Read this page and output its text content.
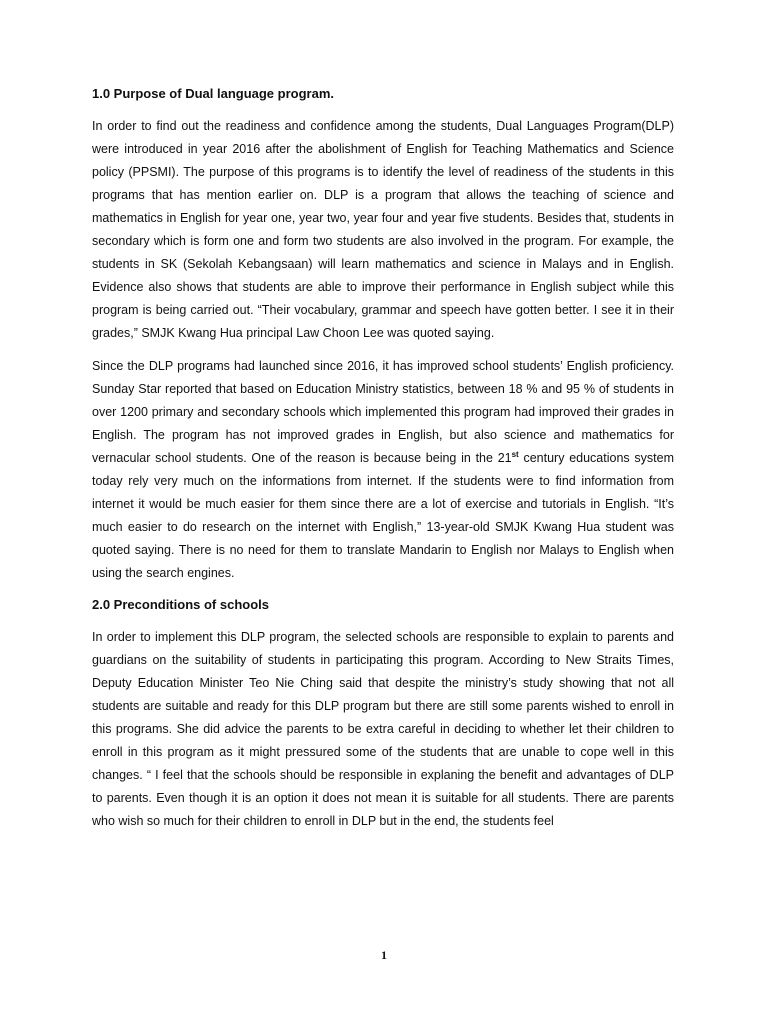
1.0 Purpose of Dual language program.

In order to find out the readiness and confidence among the students, Dual Languages Program(DLP) were introduced in year 2016 after the abolishment of English for Teaching Mathematics and Science policy (PPSMI). The purpose of this programs is to identify the level of readiness of the students in this programs that has mention earlier on. DLP is a program that allows the teaching of science and mathematics in English for year one, year two, year four and year five students. Besides that, students in secondary which is form one and form two students are also involved in the program. For example, the students in SK (Sekolah Kebangsaan) will learn mathematics and science in Malays and in English. Evidence also shows that students are able to improve their performance in English subject while this program is being carried out. “Their vocabulary, grammar and speech have gotten better. I see it in their grades,” SMJK Kwang Hua principal Law Choon Lee was quoted saying.

Since the DLP programs had launched since 2016, it has improved school students’ English proficiency. Sunday Star reported that based on Education Ministry statistics, between 18 % and 95 % of students in over 1200 primary and secondary schools which implemented this program had improved their grades in English. The program has not improved grades in English, but also science and mathematics for vernacular school students. One of the reason is because being in the 21st century educations system today rely very much on the informations from internet. If the students were to find information from internet it would be much easier for them since there are a lot of exercise and tutorials in English. “It’s much easier to do research on the internet with English,” 13-year-old SMJK Kwang Hua student was quoted saying. There is no need for them to translate Mandarin to English nor Malays to English when using the search engines.

2.0 Preconditions of schools

In order to implement this DLP program, the selected schools are responsible to explain to parents and guardians on the suitability of students in participating this program. According to New Straits Times, Deputy Education Minister Teo Nie Ching said that despite the ministry’s study showing that not all students are suitable and ready for this DLP program but there are still some parents wished to enroll in this programs. She did advice the parents to be extra careful in deciding to whether let their children to enroll in this program as it might pressured some of the students that are unable to cope well in this changes. “ I feel that the schools should be responsible in explaning the benefit and advantages of DLP to parents. Even though it is an option it does not mean it is suitable for all students. There are parents who wish so much for their children to enroll in DLP but in the end, the students feel

1
